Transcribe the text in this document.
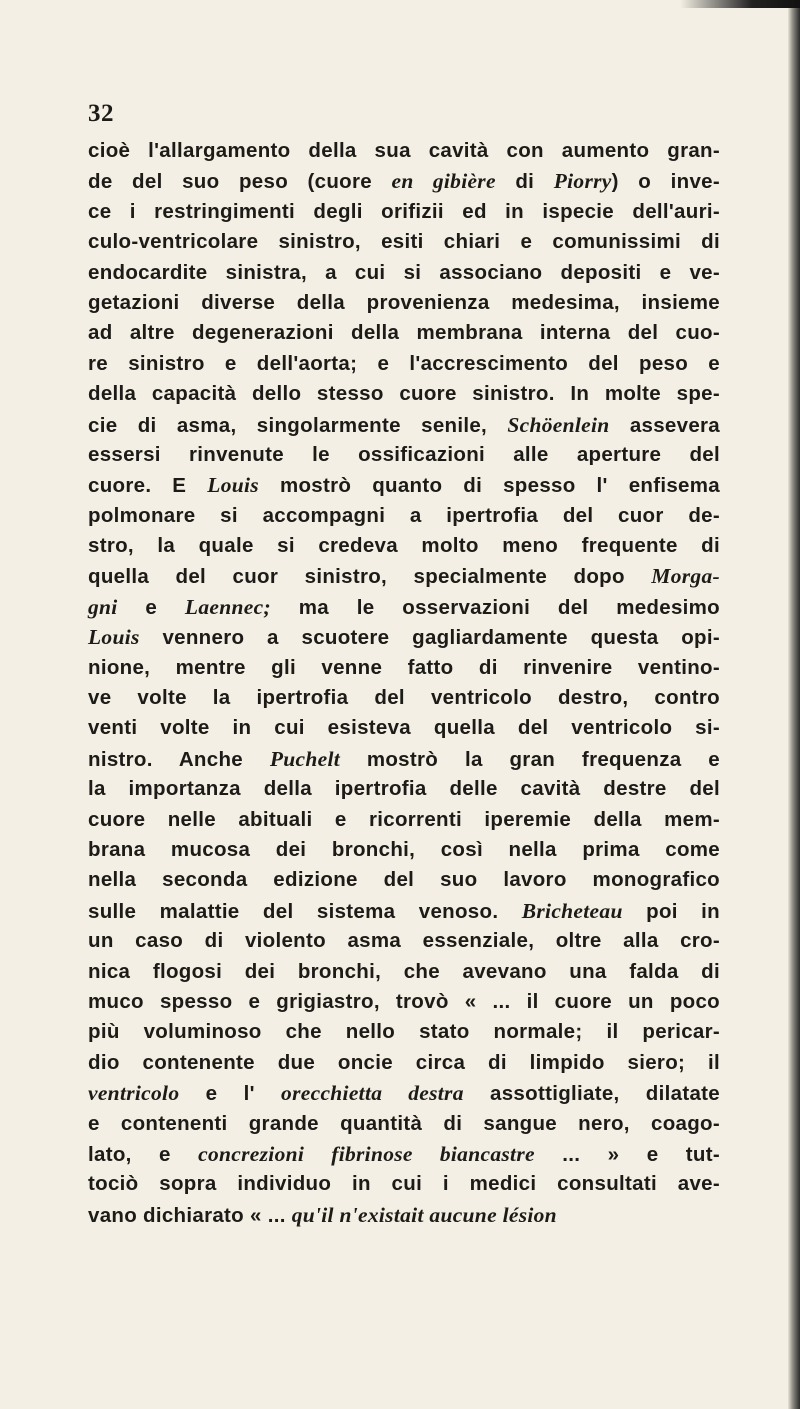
32
cioè l'allargamento della sua cavità con aumento gran-
de del suo peso (cuore en gibière di Piorry) o inve-
ce i restringimenti degli orifizii ed in ispecie dell'auri-
culo-ventricolare sinistro, esiti chiari e comunissimi di
endocardite sinistra, a cui si associano depositi e ve-
getazioni diverse della provenienza medesima, insieme
ad altre degenerazioni della membrana interna del cuo-
re sinistro e dell'aorta; e l'accrescimento del peso e
della capacità dello stesso cuore sinistro. In molte spe-
cie di asma, singolarmente senile, Schöenlein assevera
essersi rinvenute le ossificazioni alle aperture del
cuore. E Louis mostrò quanto di spesso l' enfisema
polmonare si accompagni a ipertrofia del cuor de-
stro, la quale si credeva molto meno frequente di
quella del cuor sinistro, specialmente dopo Morga-
gni e Laennec; ma le osservazioni del medesimo
Louis vennero a scuotere gagliardamente questa opi-
nione, mentre gli venne fatto di rinvenire ventino-
ve volte la ipertrofia del ventricolo destro, contro
venti volte in cui esisteva quella del ventricolo si-
nistro. Anche Puchelt mostrò la gran frequenza e
la importanza della ipertrofia delle cavità destre del
cuore nelle abituali e ricorrenti iperemie della mem-
brana mucosa dei bronchi, così nella prima come
nella seconda edizione del suo lavoro monografico
sulle malattie del sistema venoso. Bricheteau poi in
un caso di violento asma essenziale, oltre alla cro-
nica flogosi dei bronchi, che avevano una falda di
muco spesso e grigiastro, trovò « ... il cuore un poco
più voluminoso che nello stato normale; il pericar-
dio contenente due oncie circa di limpido siero; il
ventricolo e l' orecchietta destra assottigliate, dilatate
e contenenti grande quantità di sangue nero, coago-
lato, e concrezioni fibrinose biancastre ... » e tut-
tociò sopra individuo in cui i medici consultati ave-
vano dichiarato « ... qu'il n'existait aucune lésion
